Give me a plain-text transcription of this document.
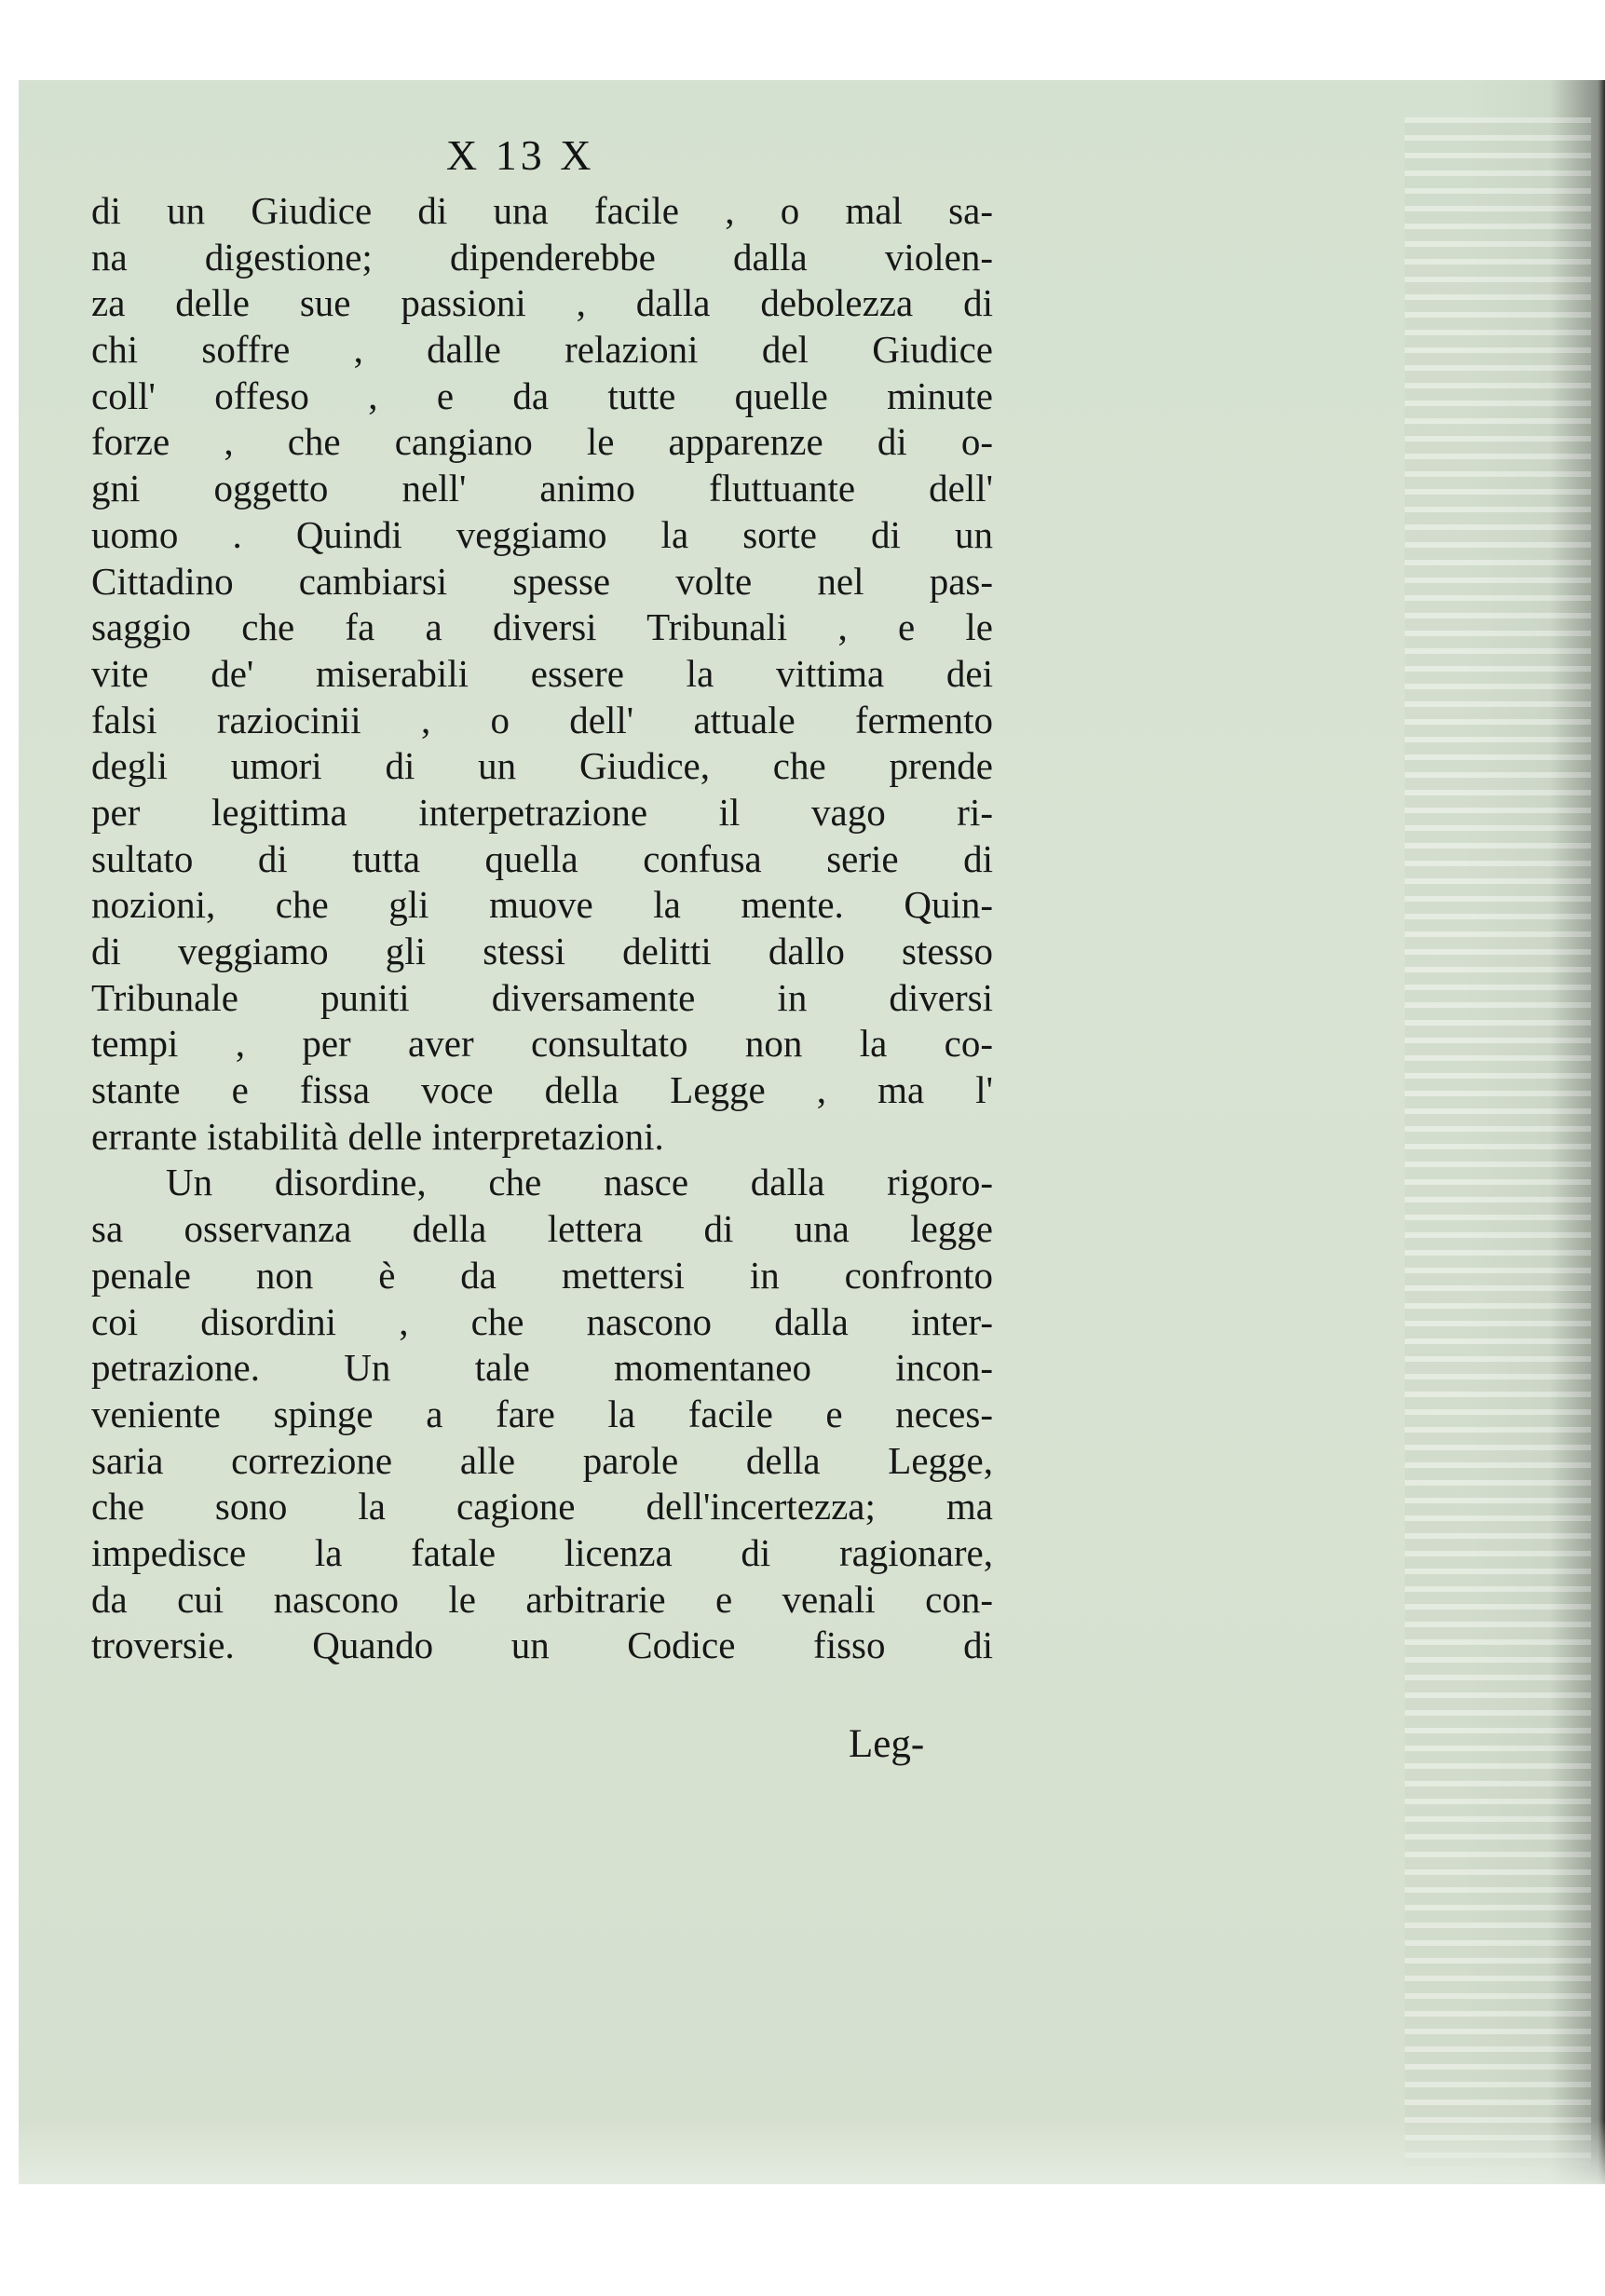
X 13 X
di un Giudice di una facile , o mal sa-
na digestione; dipenderebbe dalla violen-
za delle sue passioni , dalla debolezza di
chi soffre , dalle relazioni del Giudice
coll' offeso , e da tutte quelle minute
forze , che cangiano le apparenze di o-
gni oggetto nell' animo fluttuante dell'
uomo . Quindi veggiamo la sorte di un
Cittadino cambiarsi spesse volte nel pas-
saggio che fa a diversi Tribunali , e le
vite de' miserabili essere la vittima dei
falsi raziocinii , o dell' attuale fermento
degli umori di un Giudice, che prende
per legittima interpetrazione il vago ri-
sultato di tutta quella confusa serie di
nozioni, che gli muove la mente. Quin-
di veggiamo gli stessi delitti dallo stesso
Tribunale puniti diversamente in diversi
tempi , per aver consultato non la co-
stante e fissa voce della Legge , ma l'
errante istabilità delle interpretazioni.
Un disordine, che nasce dalla rigoro-
sa osservanza della lettera di una legge
penale non è da mettersi in confronto
coi disordini , che nascono dalla inter-
petrazione. Un tale momentaneo incon-
veniente spinge a fare la facile e neces-
saria correzione alle parole della Legge,
che sono la cagione dell'incertezza; ma
impedisce la fatale licenza di ragionare,
da cui nascono le arbitrarie e venali con-
troversie. Quando un Codice fisso di
Leg-
